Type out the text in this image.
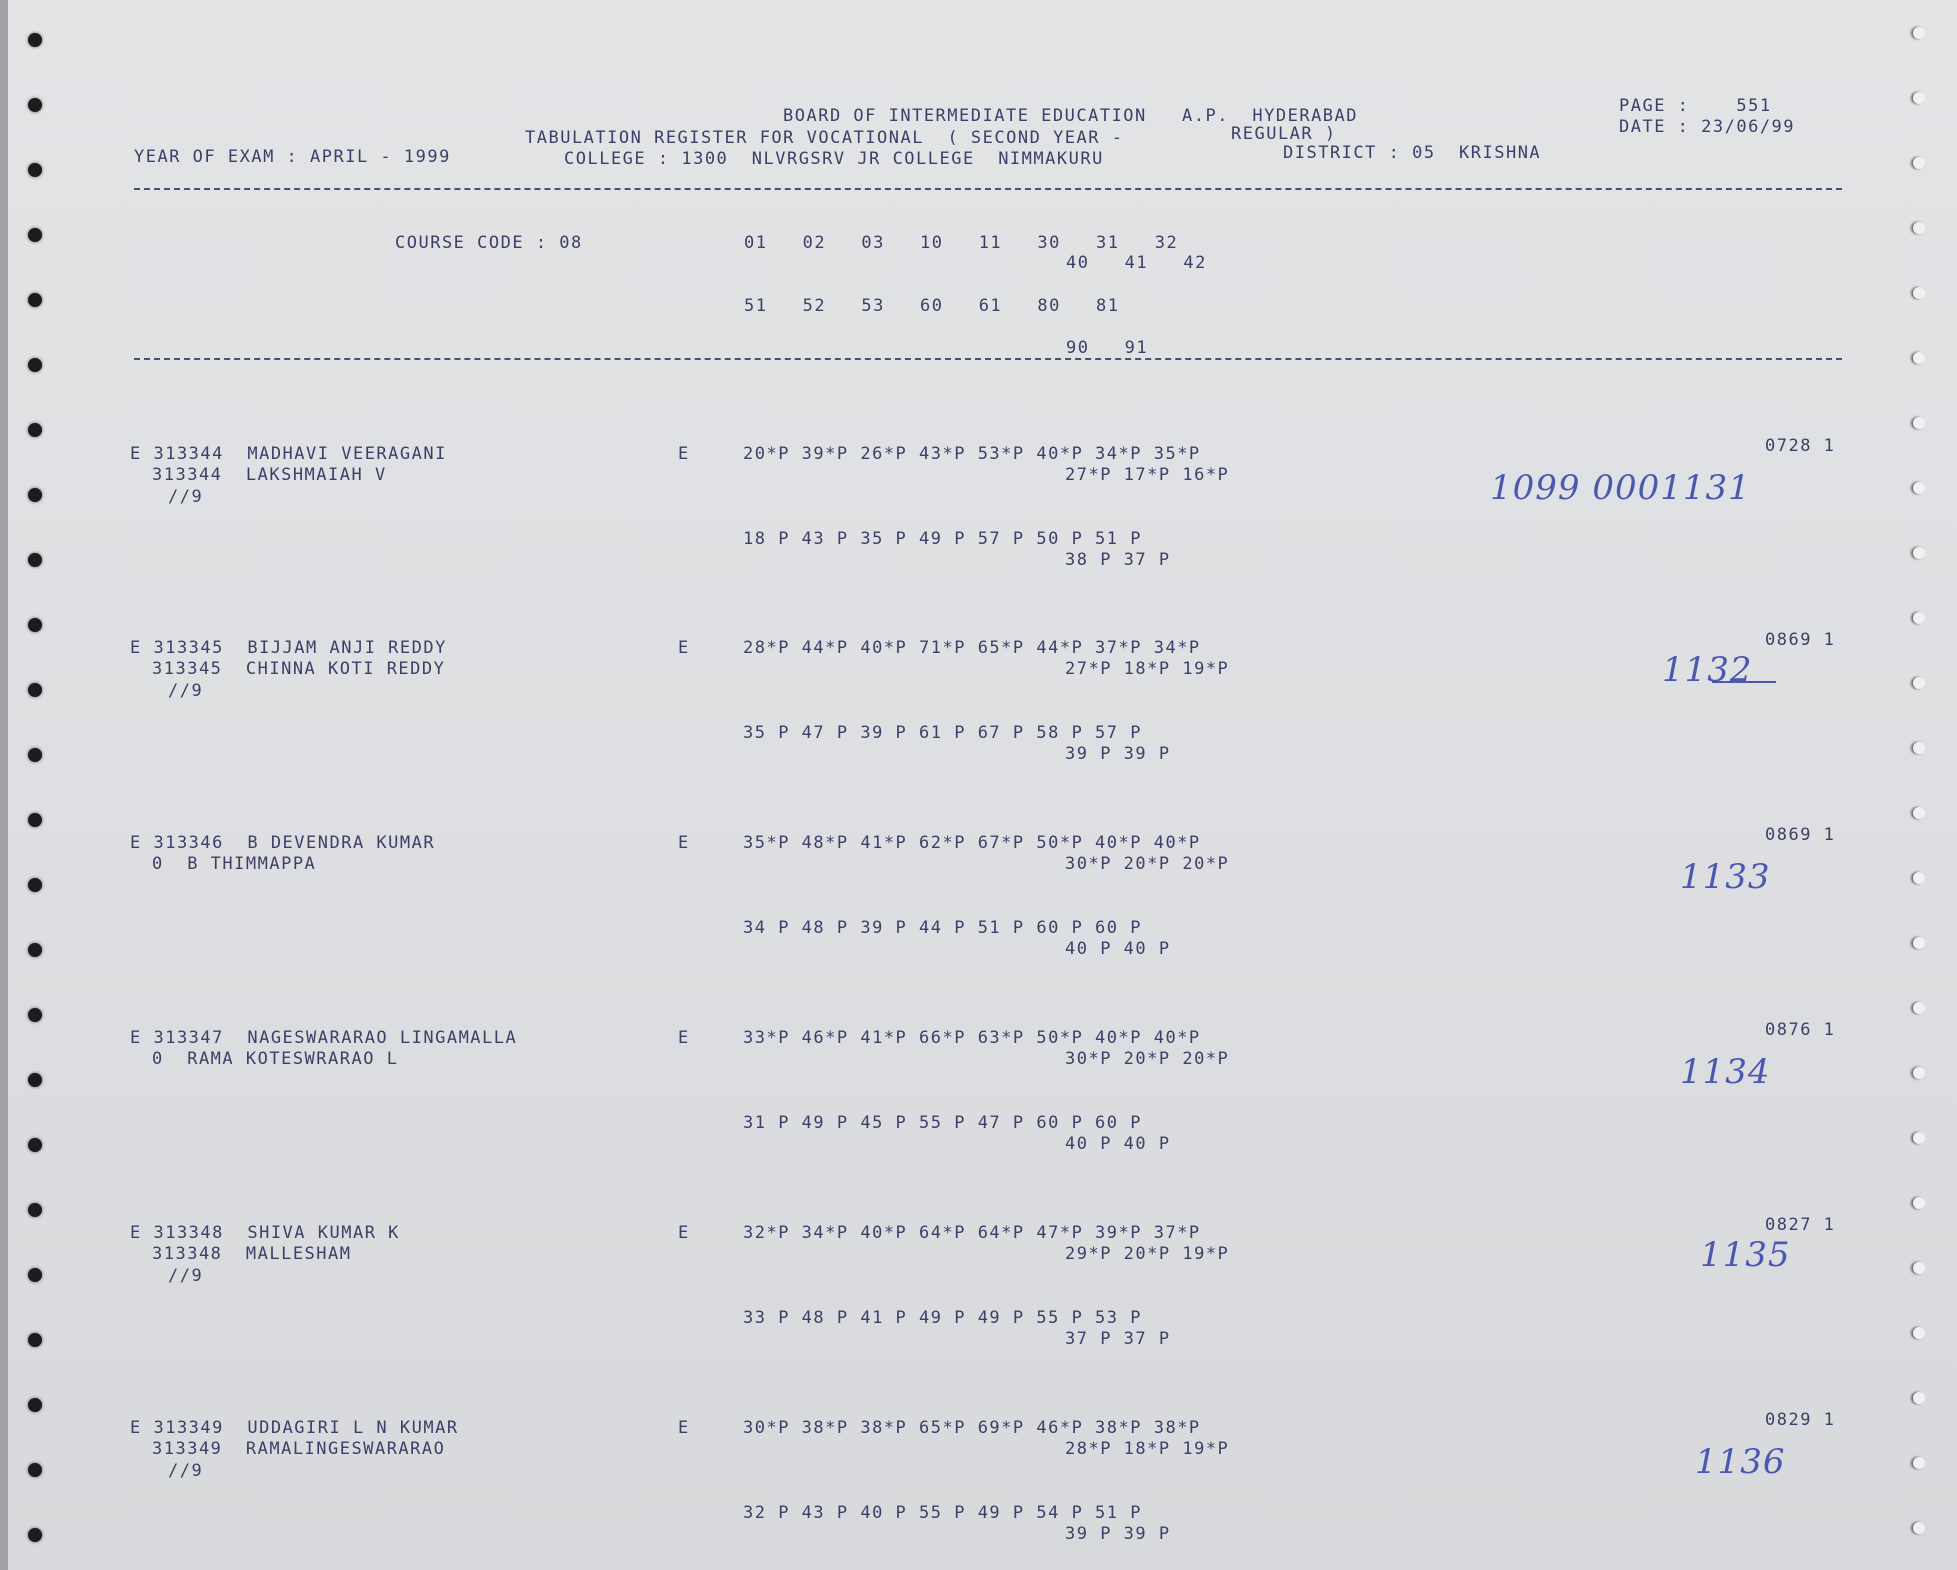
BOARD OF INTERMEDIATE EDUCATION   A.P.  HYDERABAD
TABULATION REGISTER FOR VOCATIONAL  ( SECOND YEAR -	REGULAR )
YEAR OF EXAM : APRIL - 1999	COLLEGE : 1300  NLVRGSRV JR COLLEGE  NIMMAKURU	DISTRICT : 05  KRISHNA
PAGE :    551
DATE : 23/06/99
COURSE CODE : 08	01   02   03   10   11   30   31   32
40   41   42
51   52   53   60   61   80   81
90   91
E 313344  MADHAVI VEERAGANI
313344  LAKSHMAIAH V
//9
E	20*P 39*P 26*P 43*P 53*P 40*P 34*P 35*P
27*P 17*P 16*P
18 P 43 P 35 P 49 P 57 P 50 P 51 P
38 P 37 P
0728 1
1099 0001131
E 313345  BIJJAM ANJI REDDY
313345  CHINNA KOTI REDDY
//9
E	28*P 44*P 40*P 71*P 65*P 44*P 37*P 34*P
27*P 18*P 19*P
35 P 47 P 39 P 61 P 67 P 58 P 57 P
39 P 39 P
0869 1
1132
E 313346  B DEVENDRA KUMAR
0  B THIMMAPPA
E	35*P 48*P 41*P 62*P 67*P 50*P 40*P 40*P
30*P 20*P 20*P
34 P 48 P 39 P 44 P 51 P 60 P 60 P
40 P 40 P
0869 1
1133
E 313347  NAGESWARARAO LINGAMALLA
0  RAMA KOTESWRARAO L
E	33*P 46*P 41*P 66*P 63*P 50*P 40*P 40*P
30*P 20*P 20*P
31 P 49 P 45 P 55 P 47 P 60 P 60 P
40 P 40 P
0876 1
1134
E 313348  SHIVA KUMAR K
313348  MALLESHAM
//9
E	32*P 34*P 40*P 64*P 64*P 47*P 39*P 37*P
29*P 20*P 19*P
33 P 48 P 41 P 49 P 49 P 55 P 53 P
37 P 37 P
0827 1
1135
E 313349  UDDAGIRI L N KUMAR
313349  RAMALINGESWARARAO
//9
E	30*P 38*P 38*P 65*P 69*P 46*P 38*P 38*P
28*P 18*P 19*P
32 P 43 P 40 P 55 P 49 P 54 P 51 P
39 P 39 P
0829 1
1136
